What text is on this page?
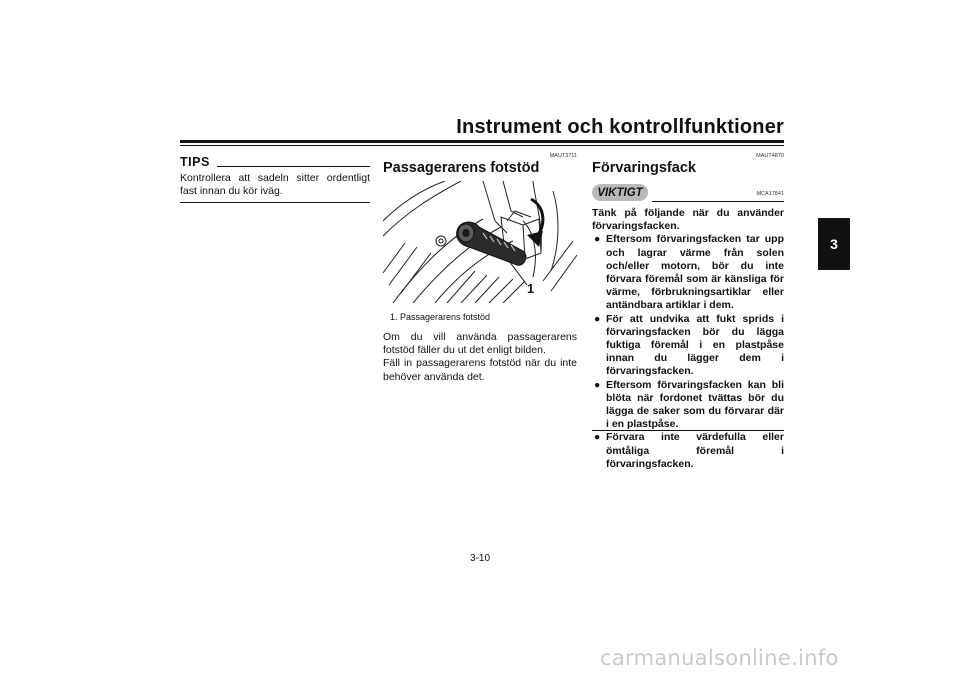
Instrument och kontrollfunktioner
3
TIPS
Kontrollera att sadeln sitter ordentligt fast innan du kör iväg.
MAUT3711
Passagerarens fotstöd
1
1. Passagerarens fotstöd
Om du vill använda passagerarens fotstöd fäller du ut det enligt bilden.
Fäll in passagerarens fotstöd när du inte behöver använda det.
MAUT4870
Förvaringsfack
VIKTIGT	MCA17841
Tänk på följande när du använder förvaringsfacken.
● Eftersom förvaringsfacken tar upp och lagrar värme från solen och/eller motorn, bör du inte förvara föremål som är känsliga för värme, förbrukningsartiklar eller antändbara artiklar i dem.
● För att undvika att fukt sprids i förvaringsfacken bör du lägga fuktiga föremål i en plastpåse innan du lägger dem i förvaringsfacken.
● Eftersom förvaringsfacken kan bli blöta när fordonet tvättas bör du lägga de saker som du förvarar där i en plastpåse.
● Förvara inte värdefulla eller ömtåliga föremål i förvaringsfacken.
3-10
carmanualsonline.info
